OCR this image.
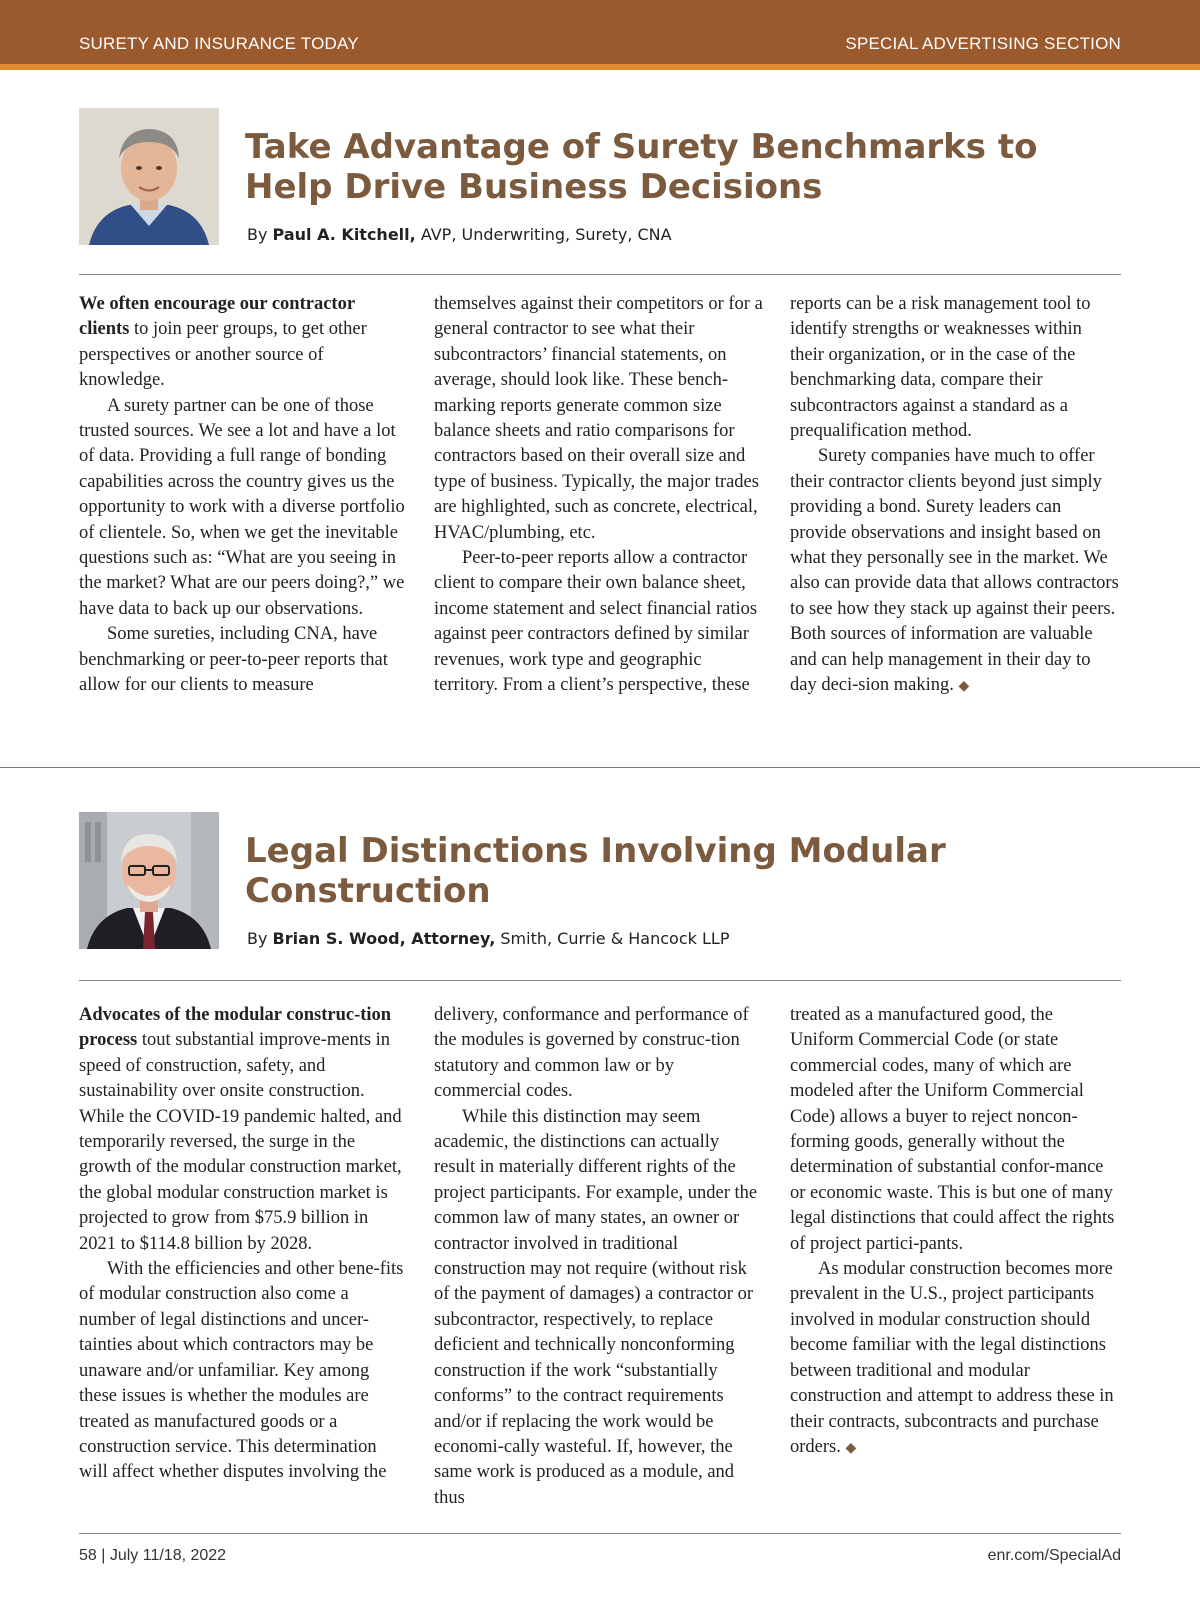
SURETY AND INSURANCE TODAY	SPECIAL ADVERTISING SECTION
Take Advantage of Surety Benchmarks to Help Drive Business Decisions
By Paul A. Kitchell, AVP, Underwriting, Surety, CNA

We often encourage our contractor clients to join peer groups, to get other perspectives or another source of knowledge.

A surety partner can be one of those trusted sources. We see a lot and have a lot of data. Providing a full range of bonding capabilities across the country gives us the opportunity to work with a diverse portfolio of clientele. So, when we get the inevitable questions such as: “What are you seeing in the market? What are our peers doing?,” we have data to back up our observations.

Some sureties, including CNA, have benchmarking or peer-to-peer reports that allow for our clients to measure

themselves against their competitors or for a general contractor to see what their subcontractors’ financial statements, on average, should look like. These bench-marking reports generate common size balance sheets and ratio comparisons for contractors based on their overall size and type of business. Typically, the major trades are highlighted, such as concrete, electrical, HVAC/plumbing, etc.

Peer-to-peer reports allow a contractor client to compare their own balance sheet, income statement and select financial ratios against peer contractors defined by similar revenues, work type and geographic territory. From a client’s perspective, these

reports can be a risk management tool to identify strengths or weaknesses within their organization, or in the case of the benchmarking data, compare their subcontractors against a standard as a prequalification method.

Surety companies have much to offer their contractor clients beyond just simply providing a bond. Surety leaders can provide observations and insight based on what they personally see in the market. We also can provide data that allows contractors to see how they stack up against their peers. Both sources of information are valuable and can help management in their day to day deci-sion making. ◆

Legal Distinctions Involving Modular Construction
By Brian S. Wood, Attorney, Smith, Currie & Hancock LLP

Advocates of the modular construc-tion process tout substantial improve-ments in speed of construction, safety, and sustainability over onsite construction. While the COVID-19 pandemic halted, and temporarily reversed, the surge in the growth of the modular construction market, the global modular construction market is projected to grow from $75.9 billion in 2021 to $114.8 billion by 2028.

With the efficiencies and other bene-fits of modular construction also come a number of legal distinctions and uncer-tainties about which contractors may be unaware and/or unfamiliar. Key among these issues is whether the modules are treated as manufactured goods or a construction service. This determination will affect whether disputes involving the

delivery, conformance and performance of the modules is governed by construc-tion statutory and common law or by commercial codes.

While this distinction may seem academic, the distinctions can actually result in materially different rights of the project participants. For example, under the common law of many states, an owner or contractor involved in traditional construction may not require (without risk of the payment of damages) a contractor or subcontractor, respectively, to replace deficient and technically nonconforming construction if the work “substantially conforms” to the contract requirements and/or if replacing the work would be economi-cally wasteful. If, however, the same work is produced as a module, and thus

treated as a manufactured good, the Uniform Commercial Code (or state commercial codes, many of which are modeled after the Uniform Commercial Code) allows a buyer to reject noncon-forming goods, generally without the determination of substantial confor-mance or economic waste. This is but one of many legal distinctions that could affect the rights of project partici-pants.

As modular construction becomes more prevalent in the U.S., project participants involved in modular construction should become familiar with the legal distinctions between traditional and modular construction and attempt to address these in their contracts, subcontracts and purchase orders. ◆

58 | July 11/18, 2022	enr.com/SpecialAd
